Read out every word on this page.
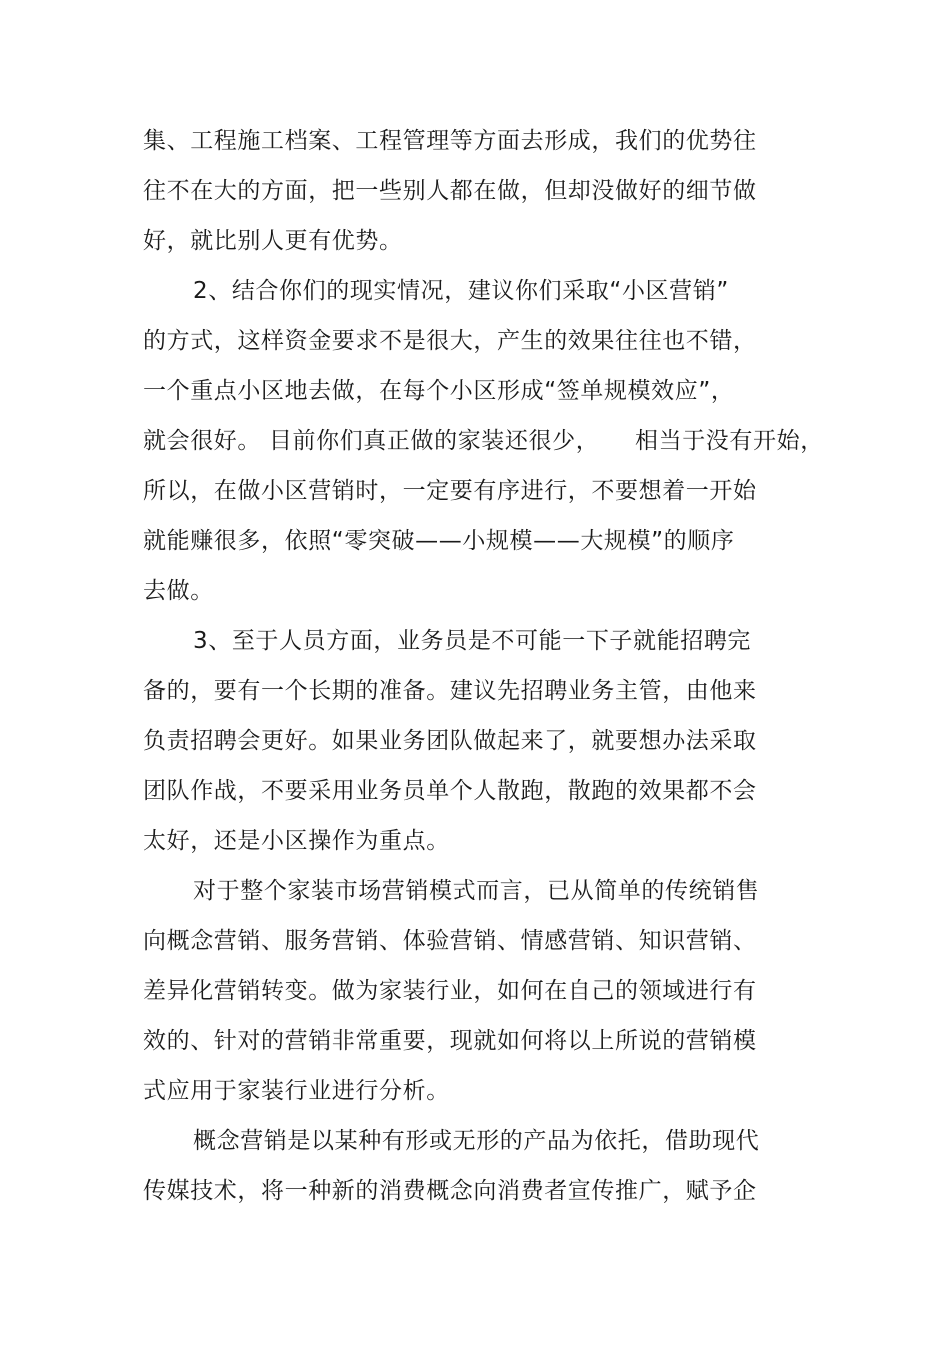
集、工程施工档案、工程管理等方面去形成，我们的优势往
往不在大的方面，把一些别人都在做，但却没做好的细节做
好，就比别人更有优势。
2、结合你们的现实情况，建议你们采取“小区营销”
的方式，这样资金要求不是很大，产生的效果往往也不错，
一个重点小区地去做，在每个小区形成“签单规模效应”，
就会很好。 目前你们真正做的家装还很少，　　相当于没有开始，
所以，在做小区营销时，一定要有序进行，不要想着一开始
就能赚很多，依照“零突破——小规模——大规模”的顺序
去做。
3、至于人员方面，业务员是不可能一下子就能招聘完
备的，要有一个长期的准备。建议先招聘业务主管，由他来
负责招聘会更好。如果业务团队做起来了，就要想办法采取
团队作战，不要采用业务员单个人散跑，散跑的效果都不会
太好，还是小区操作为重点。
对于整个家装市场营销模式而言，已从简单的传统销售
向概念营销、服务营销、体验营销、情感营销、知识营销、
差异化营销转变。做为家装行业，如何在自己的领域进行有
效的、针对的营销非常重要，现就如何将以上所说的营销模
式应用于家装行业进行分析。
概念营销是以某种有形或无形的产品为依托，借助现代
传媒技术，将一种新的消费概念向消费者宣传推广，赋予企
